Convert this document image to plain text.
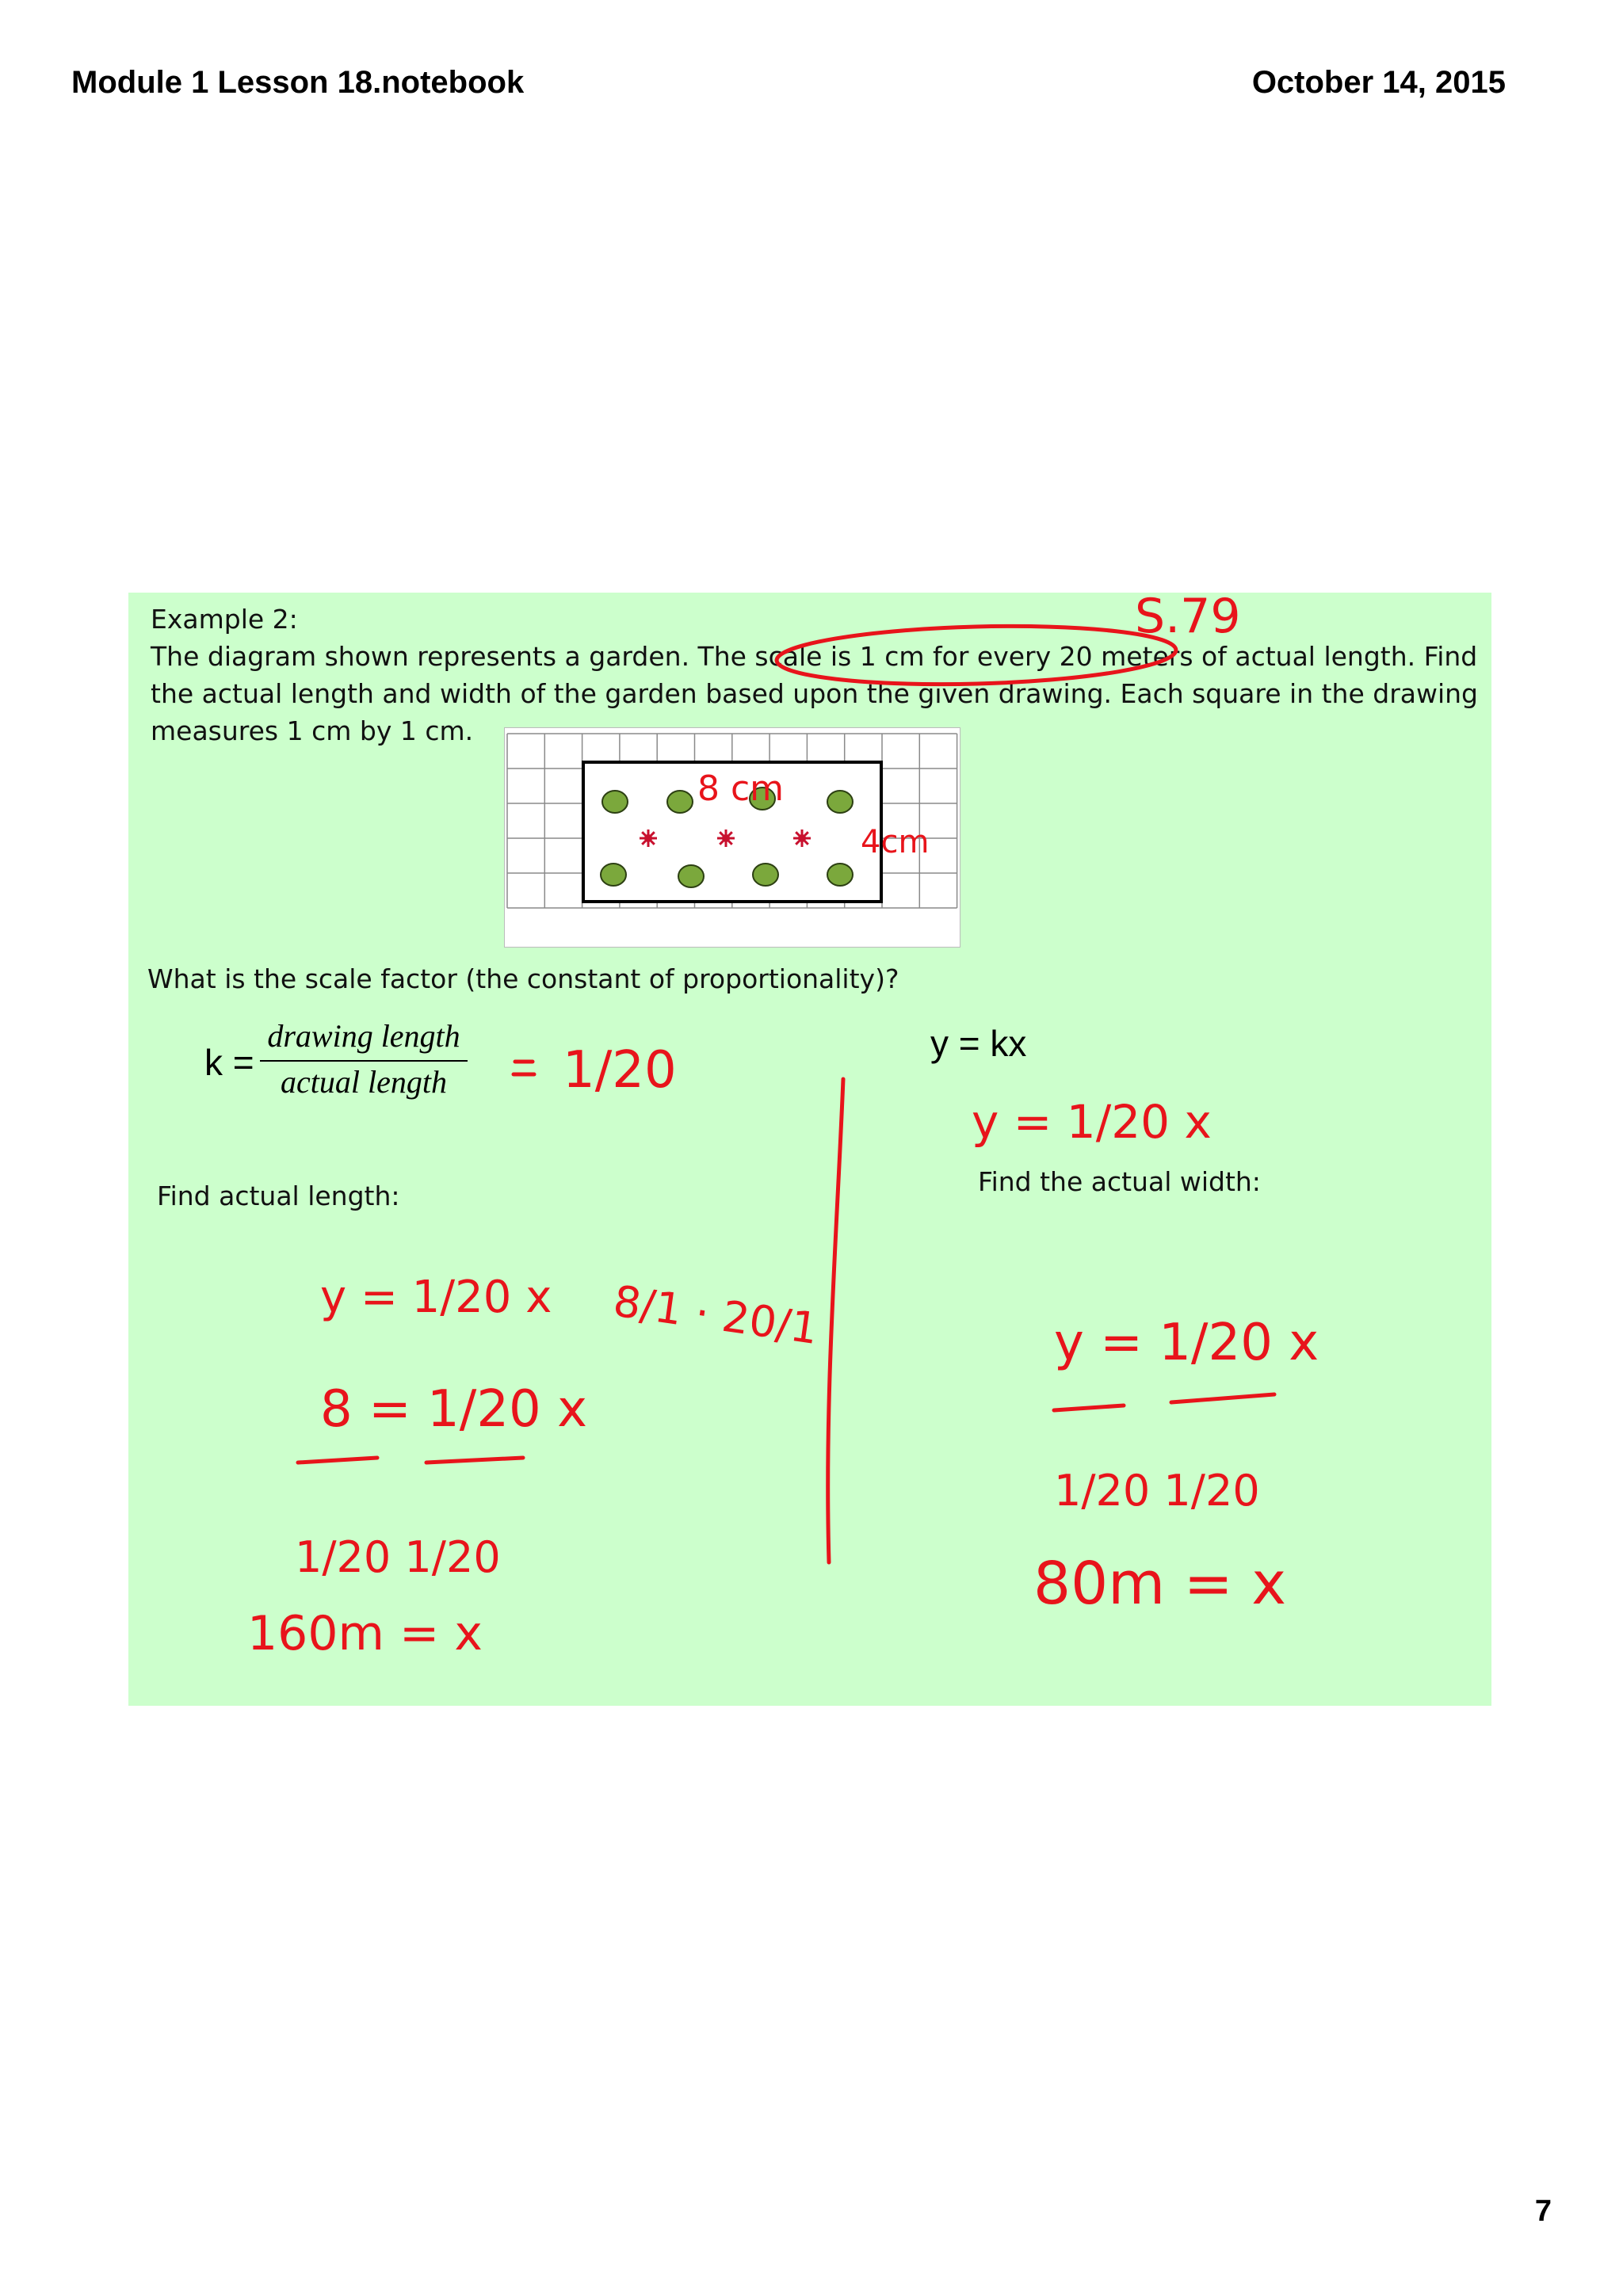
Module 1 Lesson 18.notebook	October 14, 2015
Example 2:
The diagram shown represents a garden. The scale is 1 cm for every 20 meters of actual length. Find the actual length and width of the garden based upon the given drawing. Each square in the drawing measures 1 cm by 1 cm.
What is the scale factor (the constant of proportionality)?
k =
drawing length
actual length
y = kx
Find actual length:	Find the actual width:
S.79
8 cm
4cm
1/20
y = 1/20 x
y = 1/20 x
1/20 1/20
80m = x
y = 1/20 x
8 = 1/20 x
1/20 1/20
160m = x
8/1 · 20/1
7
